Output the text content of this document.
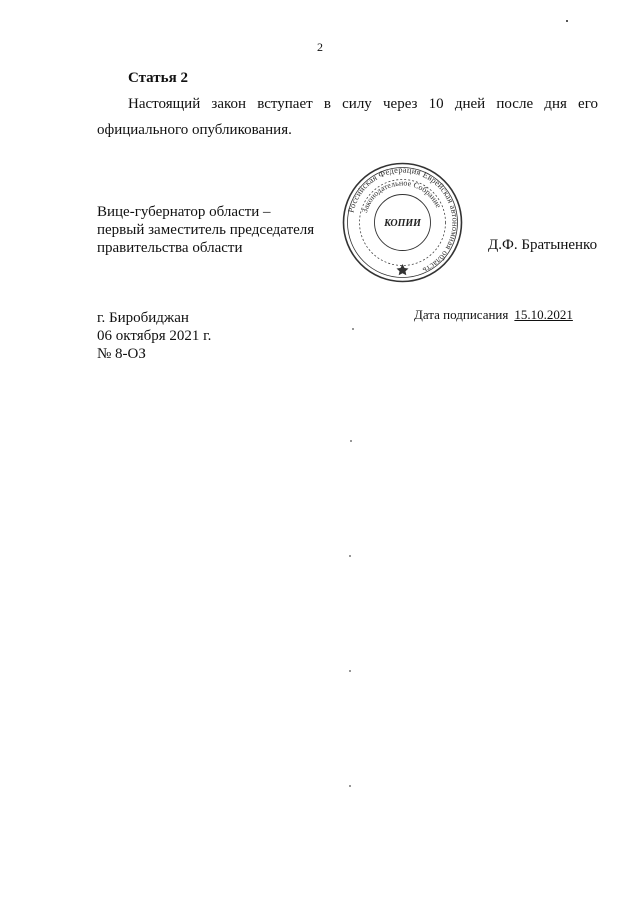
2
Статья 2
Настоящий закон вступает в силу через 10 дней после дня его
официального опубликования.
Вице-губернатор области –
первый заместитель председателя
правительства области
Российская Федерация Еврейская автономная область
Законодательное Собрание
КОПИИ
Д.Ф. Братыненко
г. Биробиджан
06 октября 2021 г.
№ 8-ОЗ
Дата подписания 15.10.2021
